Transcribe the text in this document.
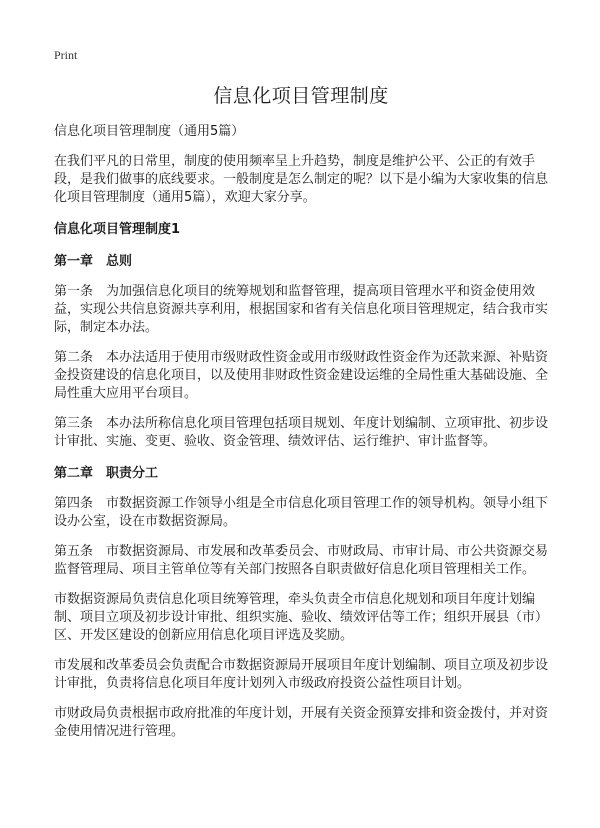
Print
信息化项目管理制度

信息化项目管理制度（通用5篇）

在我们平凡的日常里，制度的使用频率呈上升趋势，制度是维护公平、公正的有效手段，是我们做事的底线要求。一般制度是怎么制定的呢？以下是小编为大家收集的信息化项目管理制度（通用5篇），欢迎大家分享。

信息化项目管理制度1

第一章　总则

第一条　为加强信息化项目的统筹规划和监督管理，提高项目管理水平和资金使用效益，实现公共信息资源共享利用，根据国家和省有关信息化项目管理规定，结合我市实际，制定本办法。

第二条　本办法适用于使用市级财政性资金或用市级财政性资金作为还款来源、补贴资金投资建设的信息化项目，以及使用非财政性资金建设运维的全局性重大基础设施、全局性重大应用平台项目。

第三条　本办法所称信息化项目管理包括项目规划、年度计划编制、立项审批、初步设计审批、实施、变更、验收、资金管理、绩效评估、运行维护、审计监督等。

第二章　职责分工

第四条　市数据资源工作领导小组是全市信息化项目管理工作的领导机构。领导小组下设办公室，设在市数据资源局。

第五条　市数据资源局、市发展和改革委员会、市财政局、市审计局、市公共资源交易监督管理局、项目主管单位等有关部门按照各自职责做好信息化项目管理相关工作。

市数据资源局负责信息化项目统筹管理，牵头负责全市信息化规划和项目年度计划编制、项目立项及初步设计审批、组织实施、验收、绩效评估等工作；组织开展县（市）区、开发区建设的创新应用信息化项目评选及奖励。

市发展和改革委员会负责配合市数据资源局开展项目年度计划编制、项目立项及初步设计审批，负责将信息化项目年度计划列入市级政府投资公益性项目计划。

市财政局负责根据市政府批准的年度计划，开展有关资金预算安排和资金拨付，并对资金使用情况进行管理。
